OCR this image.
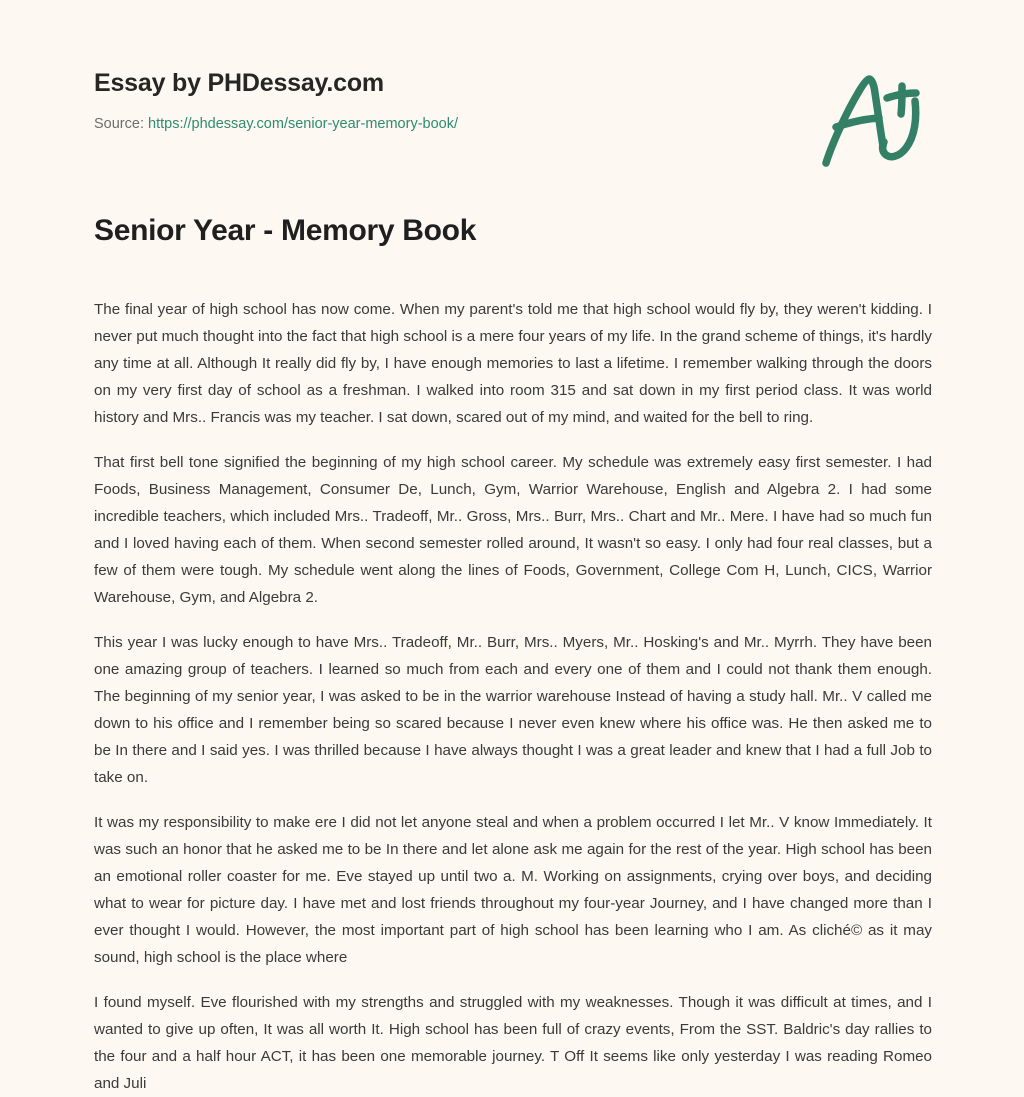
Essay by PHDessay.com
Source: https://phdessay.com/senior-year-memory-book/
Senior Year - Memory Book

The final year of high school has now come. When my parent's told me that high school would fly by, they weren't kidding. I never put much thought into the fact that high school is a mere four years of my life. In the grand scheme of things, it's hardly any time at all. Although It really did fly by, I have enough memories to last a lifetime. I remember walking through the doors on my very first day of school as a freshman. I walked into room 315 and sat down in my first period class. It was world history and Mrs.. Francis was my teacher. I sat down, scared out of my mind, and waited for the bell to ring.

That first bell tone signified the beginning of my high school career. My schedule was extremely easy first semester. I had Foods, Business Management, Consumer De, Lunch, Gym, Warrior Warehouse, English and Algebra 2. I had some incredible teachers, which included Mrs.. Tradeoff, Mr.. Gross, Mrs.. Burr, Mrs.. Chart and Mr.. Mere. I have had so much fun and I loved having each of them. When second semester rolled around, It wasn't so easy. I only had four real classes, but a few of them were tough. My schedule went along the lines of Foods, Government, College Com H, Lunch, CICS, Warrior Warehouse, Gym, and Algebra 2.

This year I was lucky enough to have Mrs.. Tradeoff, Mr.. Burr, Mrs.. Myers, Mr.. Hosking's and Mr.. Myrrh. They have been one amazing group of teachers. I learned so much from each and every one of them and I could not thank them enough. The beginning of my senior year, I was asked to be in the warrior warehouse Instead of having a study hall. Mr.. V called me down to his office and I remember being so scared because I never even knew where his office was. He then asked me to be In there and I said yes. I was thrilled because I have always thought I was a great leader and knew that I had a full Job to take on.

It was my responsibility to make ere I did not let anyone steal and when a problem occurred I let Mr.. V know Immediately. It was such an honor that he asked me to be In there and let alone ask me again for the rest of the year. High school has been an emotional roller coaster for me. Eve stayed up until two a. M. Working on assignments, crying over boys, and deciding what to wear for picture day. I have met and lost friends throughout my four-year Journey, and I have changed more than I ever thought I would. However, the most important part of high school has been learning who I am. As cliché© as it may sound, high school is the place where

I found myself. Eve flourished with my strengths and struggled with my weaknesses. Though it was difficult at times, and I wanted to give up often, It was all worth It. High school has been full of crazy events, From the SST. Baldric's day rallies to the four and a half hour ACT, it has been one memorable journey. T Off It seems like only yesterday I was reading Romeo and Juli
